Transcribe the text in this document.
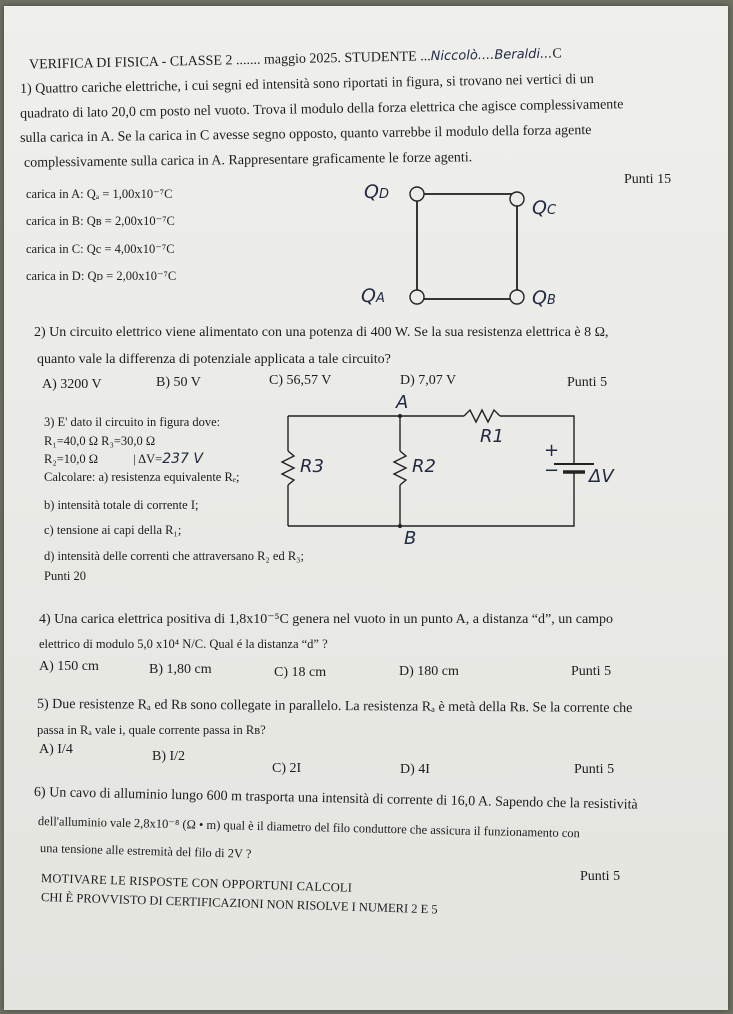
VERIFICA DI FISICA - CLASSE 2 ....... maggio 2025. STUDENTE ...Niccolò....Beraldi...C
1) Quattro cariche elettriche, i cui segni ed intensità sono riportati in figura, si trovano nei vertici di un
quadrato di lato 20,0 cm posto nel vuoto. Trova il modulo della forza elettrica che agisce complessivamente
sulla carica in A. Se la carica in C avesse segno opposto, quanto varrebbe il modulo della forza agente
complessivamente sulla carica in A. Rappresentare graficamente le forze agenti.
Punti 15
carica in A: Qₐ = 1,00x10⁻⁷C
carica in B: Qʙ = 2,00x10⁻⁷C
carica in C: Qc = 4,00x10⁻⁷C
carica in D: Qᴅ = 2,00x10⁻⁷C
QD
QC
QA	QB
2) Un circuito elettrico viene alimentato con una potenza di 400 W. Se la sua resistenza elettrica è 8 Ω,
quanto vale la differenza di potenziale applicata a tale circuito?
A) 3200 V	B) 50 V	C) 56,57 V	D) 7,07 V	Punti 5
3) E' dato il circuito in figura dove:
R₁=40,0 Ω R₃=30,0 Ω
R₂=10,0 Ω	| ΔV=237 V
Calcolare: a) resistenza equivalente Rₑ;
b) intensità totale di corrente I;
c) tensione ai capi della R₁;
d) intensità delle correnti che attraversano R₂ ed R₃;
Punti 20
A
B
R1
R2
R3
+
− ΔV
4) Una carica elettrica positiva di 1,8x10⁻⁵C genera nel vuoto in un punto A, a distanza “d”, un campo
elettrico di modulo 5,0 x10⁴ N/C. Qual é la distanza “d” ?
A) 150 cm	B) 1,80 cm	C) 18 cm	D) 180 cm	Punti 5
5) Due resistenze Rₐ ed Rʙ sono collegate in parallelo. La resistenza Rₐ è metà della Rʙ. Se la corrente che
passa in Rₐ vale i, quale corrente passa in Rʙ?
A) I/4	B) I/2
C) 2I	D) 4I	Punti 5
6) Un cavo di alluminio lungo 600 m trasporta una intensità di corrente di 16,0 A. Sapendo che la resistività
dell'alluminio vale 2,8x10⁻⁸ (Ω • m) qual è il diametro del filo conduttore che assicura il funzionamento con
una tensione alle estremità del filo di 2V ?
Punti 5
MOTIVARE LE RISPOSTE CON OPPORTUNI CALCOLI
CHI È PROVVISTO DI CERTIFICAZIONI NON RISOLVE I NUMERI 2 E 5
